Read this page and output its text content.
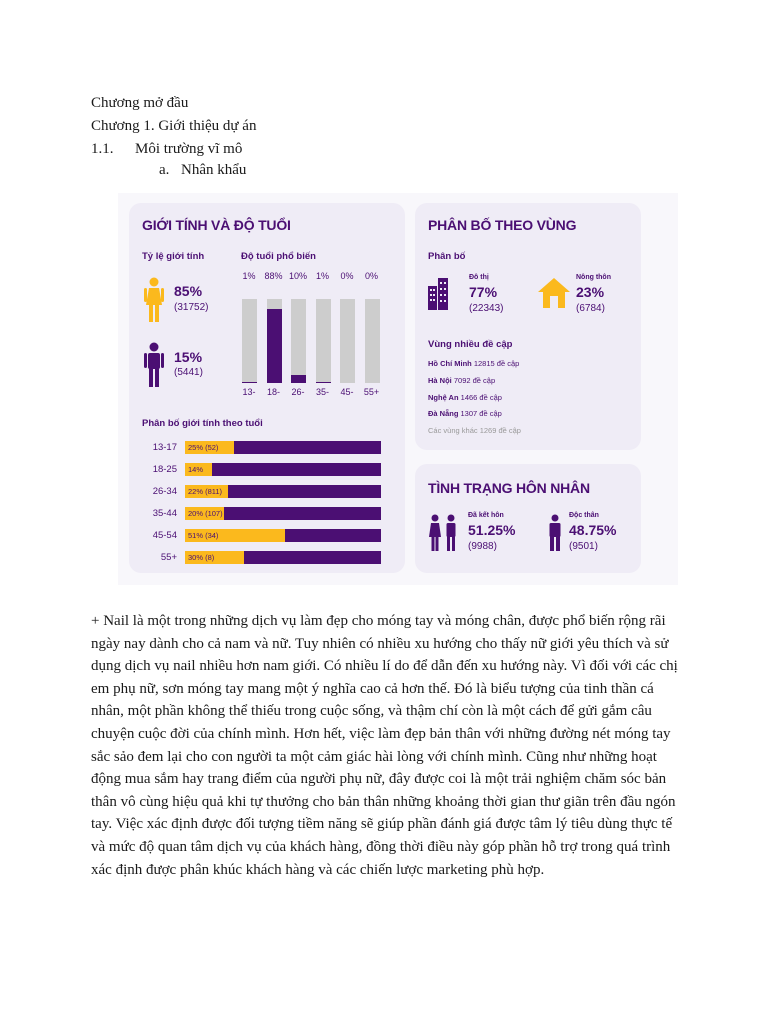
Chương mở đầu
Chương 1. Giới thiệu dự án
1.1. Môi trường vĩ mô
a. Nhân khẩu
GIỚI TÍNH VÀ ĐỘ TUỔI
Tỷ lệ giới tính
85%
(31752)
15%
(5441)
Độ tuổi phổ biến
1%
13-
88%
18-
10%
26-
1%
35-
0%
45-
0%
55+
Phân bố giới tính theo tuổi
13-17 25% (52)
18-25 14%
26-34 22% (811)
35-44 20% (107)
45-54 51% (34)
55+ 30% (8)
PHÂN BỐ THEO VÙNG
Phân bố
Đô thị
77%
(22343)
Nông thôn
23%
(6784)
Vùng nhiều đề cập
Hồ Chí Minh 12815 đề cập
Hà Nội 7092 đề cập
Nghệ An 1466 đề cập
Đà Nẵng 1307 đề cập
Các vùng khác 1269 đề cập
TÌNH TRẠNG HÔN NHÂN
Đã kết hôn
51.25%
(9988)
Độc thân
48.75%
(9501)

+ Nail là một trong những dịch vụ làm đẹp cho móng tay và móng chân, được phổ biến rộng rãi ngày nay dành cho cả nam và nữ. Tuy nhiên có nhiều xu hướng cho thấy nữ giới yêu thích và sử dụng dịch vụ nail nhiều hơn nam giới. Có nhiều lí do để dẫn đến xu hướng này. Vì đối với các chị em phụ nữ, sơn móng tay mang một ý nghĩa cao cả hơn thế. Đó là biểu tượng của tinh thần cá nhân, một phần không thể thiếu trong cuộc sống, và thậm chí còn là một cách để gửi gắm câu chuyện cuộc đời của chính mình. Hơn hết, việc làm đẹp bản thân với những đường nét móng tay sắc sảo đem lại cho con người ta một cảm giác hài lòng với chính mình. Cũng như những hoạt động mua sắm hay trang điểm của người phụ nữ, đây được coi là một trải nghiệm chăm sóc bản thân vô cùng hiệu quả khi tự thưởng cho bản thân những khoảng thời gian thư giãn trên đầu ngón tay. Việc xác định được đối tượng tiềm năng sẽ giúp phần đánh giá được tâm lý tiêu dùng thực tế và mức độ quan tâm dịch vụ của khách hàng, đồng thời điều này góp phần hỗ trợ trong quá trình xác định được phân khúc khách hàng và các chiến lược marketing phù hợp.
